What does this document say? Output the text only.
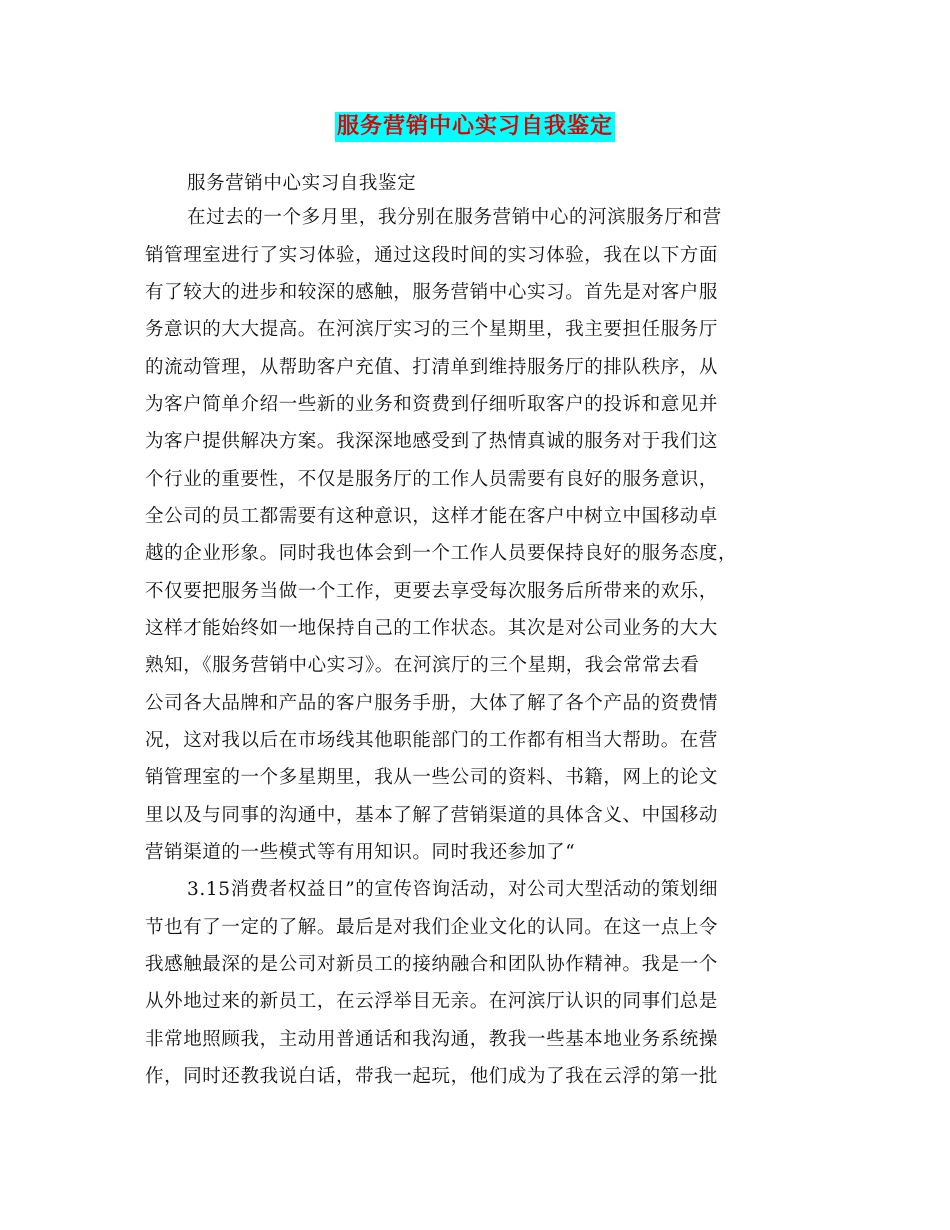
服务营销中心实习自我鉴定
服务营销中心实习自我鉴定
在过去的一个多月里，我分别在服务营销中心的河滨服务厅和营
销管理室进行了实习体验，通过这段时间的实习体验，我在以下方面
有了较大的进步和较深的感触，服务营销中心实习。首先是对客户服
务意识的大大提高。在河滨厅实习的三个星期里，我主要担任服务厅
的流动管理，从帮助客户充值、打清单到维持服务厅的排队秩序，从
为客户简单介绍一些新的业务和资费到仔细听取客户的投诉和意见并
为客户提供解决方案。我深深地感受到了热情真诚的服务对于我们这
个行业的重要性，不仅是服务厅的工作人员需要有良好的服务意识，
全公司的员工都需要有这种意识，这样才能在客户中树立中国移动卓
越的企业形象。同时我也体会到一个工作人员要保持良好的服务态度，
不仅要把服务当做一个工作，更要去享受每次服务后所带来的欢乐，
这样才能始终如一地保持自己的工作状态。其次是对公司业务的大大
熟知，《服务营销中心实习》。在河滨厅的三个星期，我会常常去看
公司各大品牌和产品的客户服务手册，大体了解了各个产品的资费情
况，这对我以后在市场线其他职能部门的工作都有相当大帮助。在营
销管理室的一个多星期里，我从一些公司的资料、书籍，网上的论文
里以及与同事的沟通中，基本了解了营销渠道的具体含义、中国移动
营销渠道的一些模式等有用知识。同时我还参加了“
3.15消费者权益日”的宣传咨询活动，对公司大型活动的策划细
节也有了一定的了解。最后是对我们企业文化的认同。在这一点上令
我感触最深的是公司对新员工的接纳融合和团队协作精神。我是一个
从外地过来的新员工，在云浮举目无亲。在河滨厅认识的同事们总是
非常地照顾我，主动用普通话和我沟通，教我一些基本地业务系统操
作，同时还教我说白话，带我一起玩，他们成为了我在云浮的第一批
